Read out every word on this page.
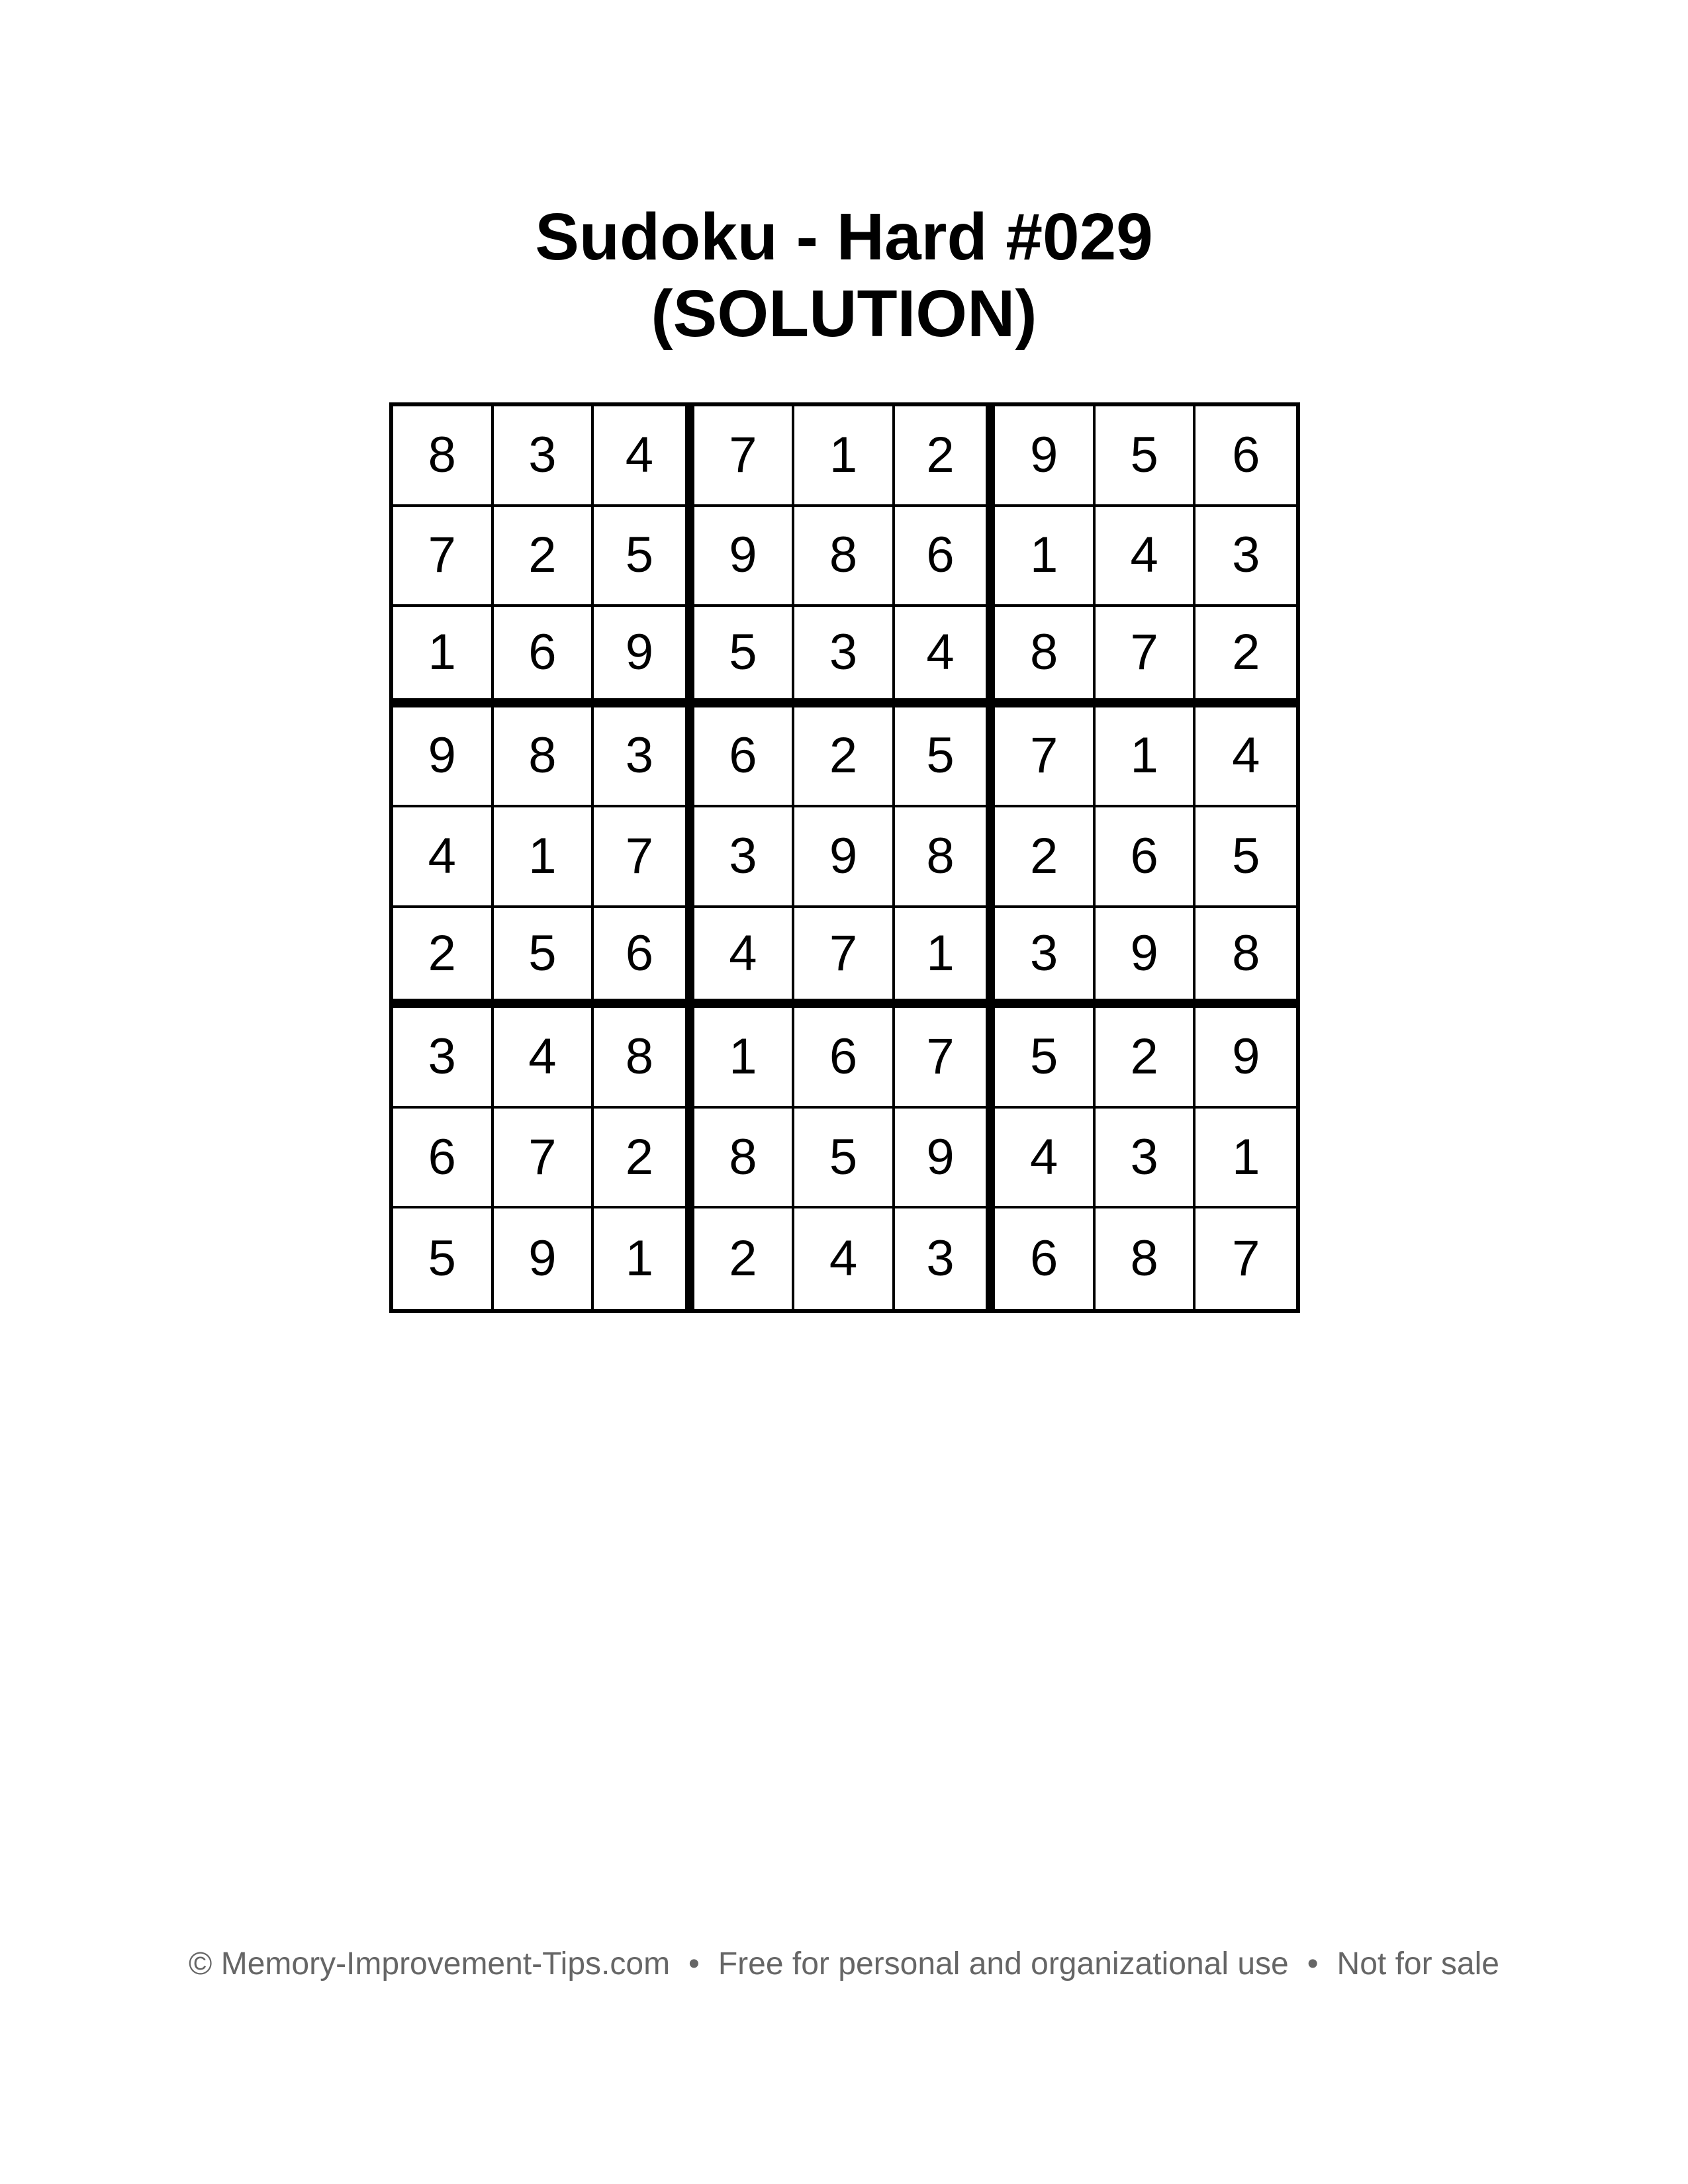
Sudoku - Hard #029
(SOLUTION)
8	3	4	7	1	2	9	5	6
7	2	5	9	8	6	1	4	3
1	6	9	5	3	4	8	7	2
9	8	3	6	2	5	7	1	4
4	1	7	3	9	8	2	6	5
2	5	6	4	7	1	3	9	8
3	4	8	1	6	7	5	2	9
6	7	2	8	5	9	4	3	1
5	9	1	2	4	3	6	8	7
© Memory-Improvement-Tips.com • Free for personal and organizational use • Not for sale
